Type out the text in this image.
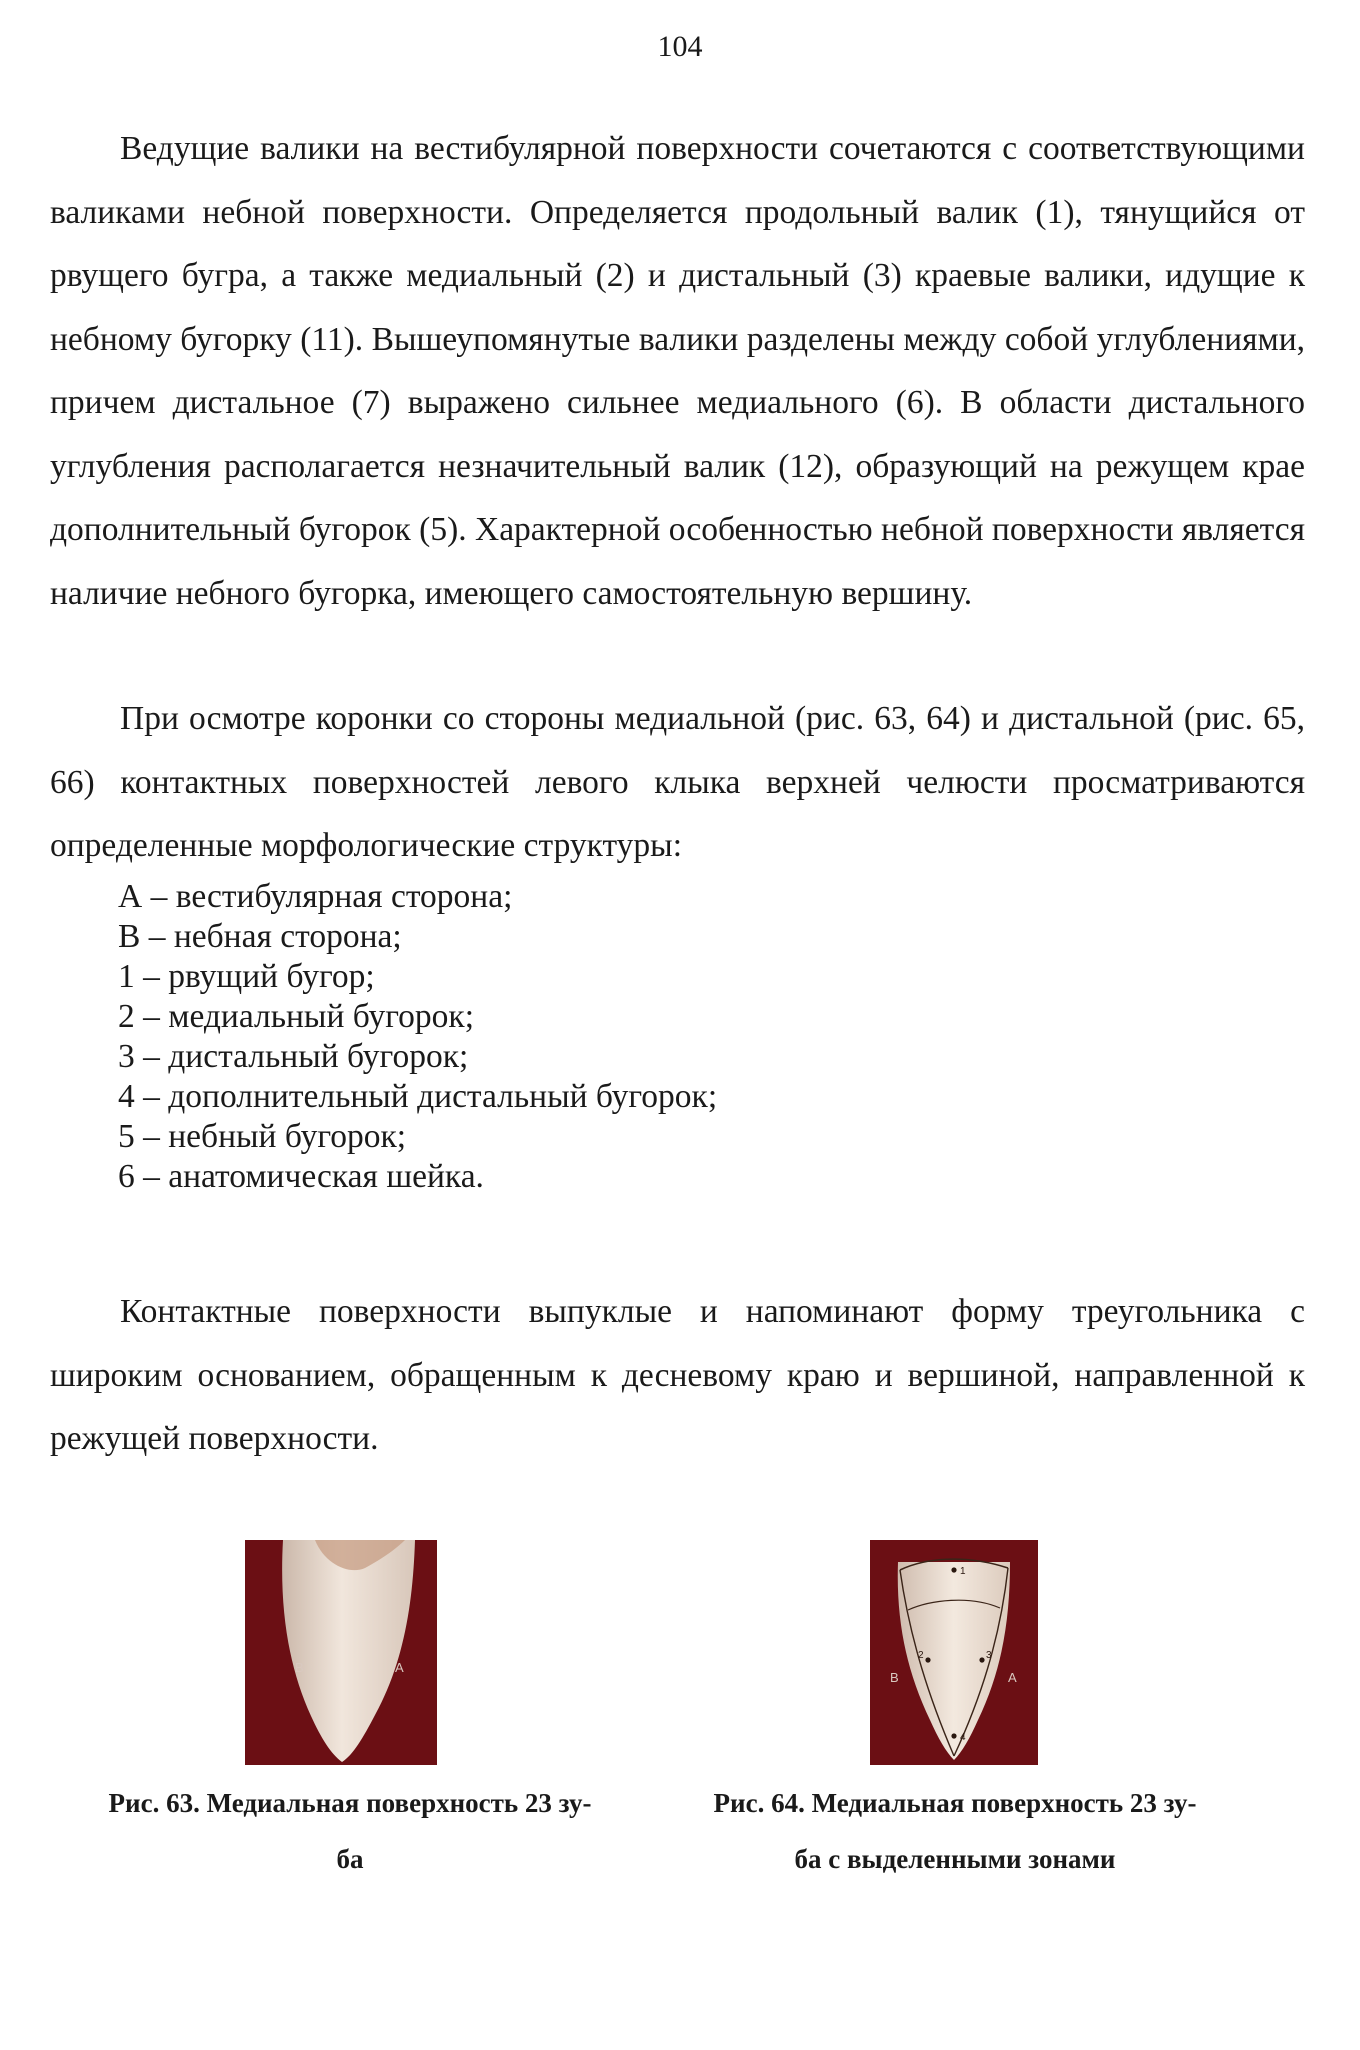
104

Ведущие валики на вестибулярной поверхности сочетаются с соответствующими валиками небной поверхности. Определяется продольный валик (1), тянущийся от рвущего бугра, а также медиальный (2) и дистальный (3) краевые валики, идущие к небному бугорку (11). Вышеупомянутые валики разделены между собой углублениями, причем дистальное (7) выражено сильнее медиального (6). В области дистального углубления располагается незначительный валик (12), образующий на режущем крае дополнительный бугорок (5). Характерной особенностью небной поверхности является наличие небного бугорка, имеющего самостоятельную вершину.

При осмотре коронки со стороны медиальной (рис. 63, 64) и дистальной (рис. 65, 66) контактных поверхностей левого клыка верхней челюсти просматриваются определенные морфологические структуры:

А – вестибулярная сторона;
В – небная сторона;
1 – рвущий бугор;
2 – медиальный бугорок;
3 – дистальный бугорок;
4 – дополнительный дистальный бугорок;
5 – небный бугорок;
6 – анатомическая шейка.

Контактные поверхности выпуклые и напоминают форму треугольника с широким основанием, обращенным к десневому краю и вершиной, направленной к режущей поверхности.

B	A
B	A
1
2	3
4

Рис. 63. Медиальная поверхность 23 зу-
ба

Рис. 64. Медиальная поверхность 23 зу-
ба с выделенными зонами
